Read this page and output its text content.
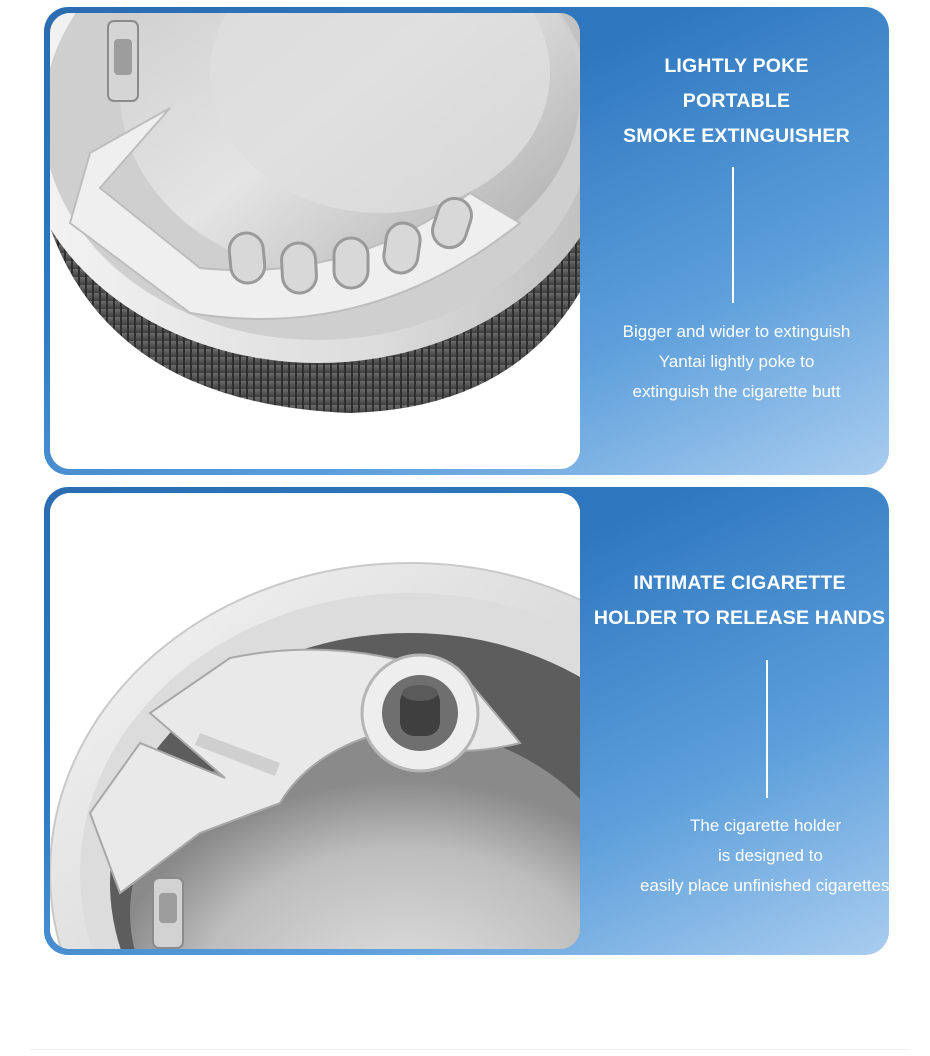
LIGHTLY POKE
PORTABLE
SMOKE EXTINGUISHER

Bigger and wider to extinguish
Yantai lightly poke to
extinguish the cigarette butt

INTIMATE CIGARETTE
HOLDER TO RELEASE HANDS

The cigarette holder
is designed to
easily place unfinished cigarettes
